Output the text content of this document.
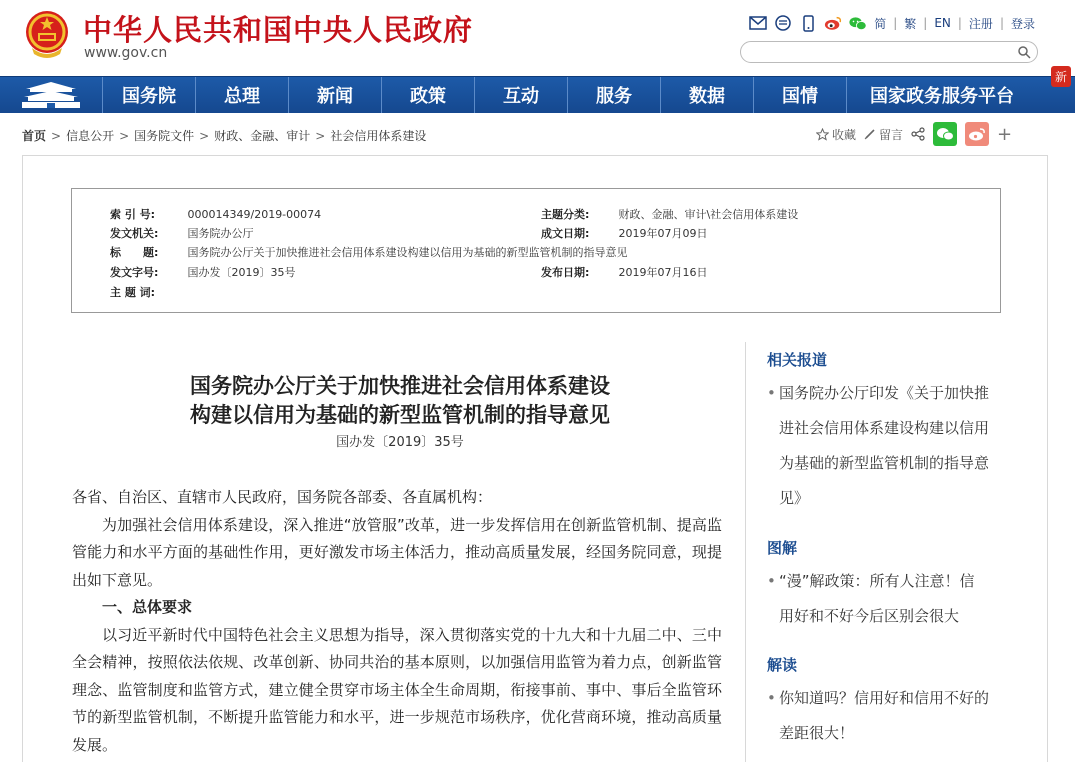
中华人民共和国中央人民政府
www.gov.cn
简 | 繁 | EN | 注册 | 登录
国务院	总理	新闻	政策	互动	服务	数据	国情	国家政务服务平台
新
首页 > 信息公开 > 国务院文件 > 财政、金融、审计 > 社会信用体系建设	收藏 留言	+
索 引 号:	000014349/2019-00074	主题分类:	财政、金融、审计\社会信用体系建设
发文机关:	国务院办公厅	成文日期:	2019年07月09日
标　　题:	国务院办公厅关于加快推进社会信用体系建设构建以信用为基础的新型监管机制的指导意见
发文字号:	国办发〔2019〕35号	发布日期:	2019年07月16日
主 题 词:
国务院办公厅关于加快推进社会信用体系建设
构建以信用为基础的新型监管机制的指导意见
国办发〔2019〕35号

各省、自治区、直辖市人民政府，国务院各部委、各直属机构：

为加强社会信用体系建设，深入推进“放管服”改革，进一步发挥信用在创新监管机制、提高监管能力和水平方面的基础性作用，更好激发市场主体活力，推动高质量发展，经国务院同意，现提出如下意见。

一、总体要求

以习近平新时代中国特色社会主义思想为指导，深入贯彻落实党的十九大和十九届二中、三中全会精神，按照依法依规、改革创新、协同共治的基本原则，以加强信用监管为着力点，创新监管理念、监管制度和监管方式，建立健全贯穿市场主体全生命周期，衔接事前、事中、事后全监管环节的新型监管机制，不断提升监管能力和水平，进一步规范市场秩序，优化营商环境，推动高质量发展。

相关报道
• 国务院办公厅印发《关于加快推进社会信用体系建设构建以信用为基础的新型监管机制的指导意见》
图解
• “漫”解政策：所有人注意！信用好和不好今后区别会很大
解读
• 你知道吗？信用好和信用不好的差距很大！
